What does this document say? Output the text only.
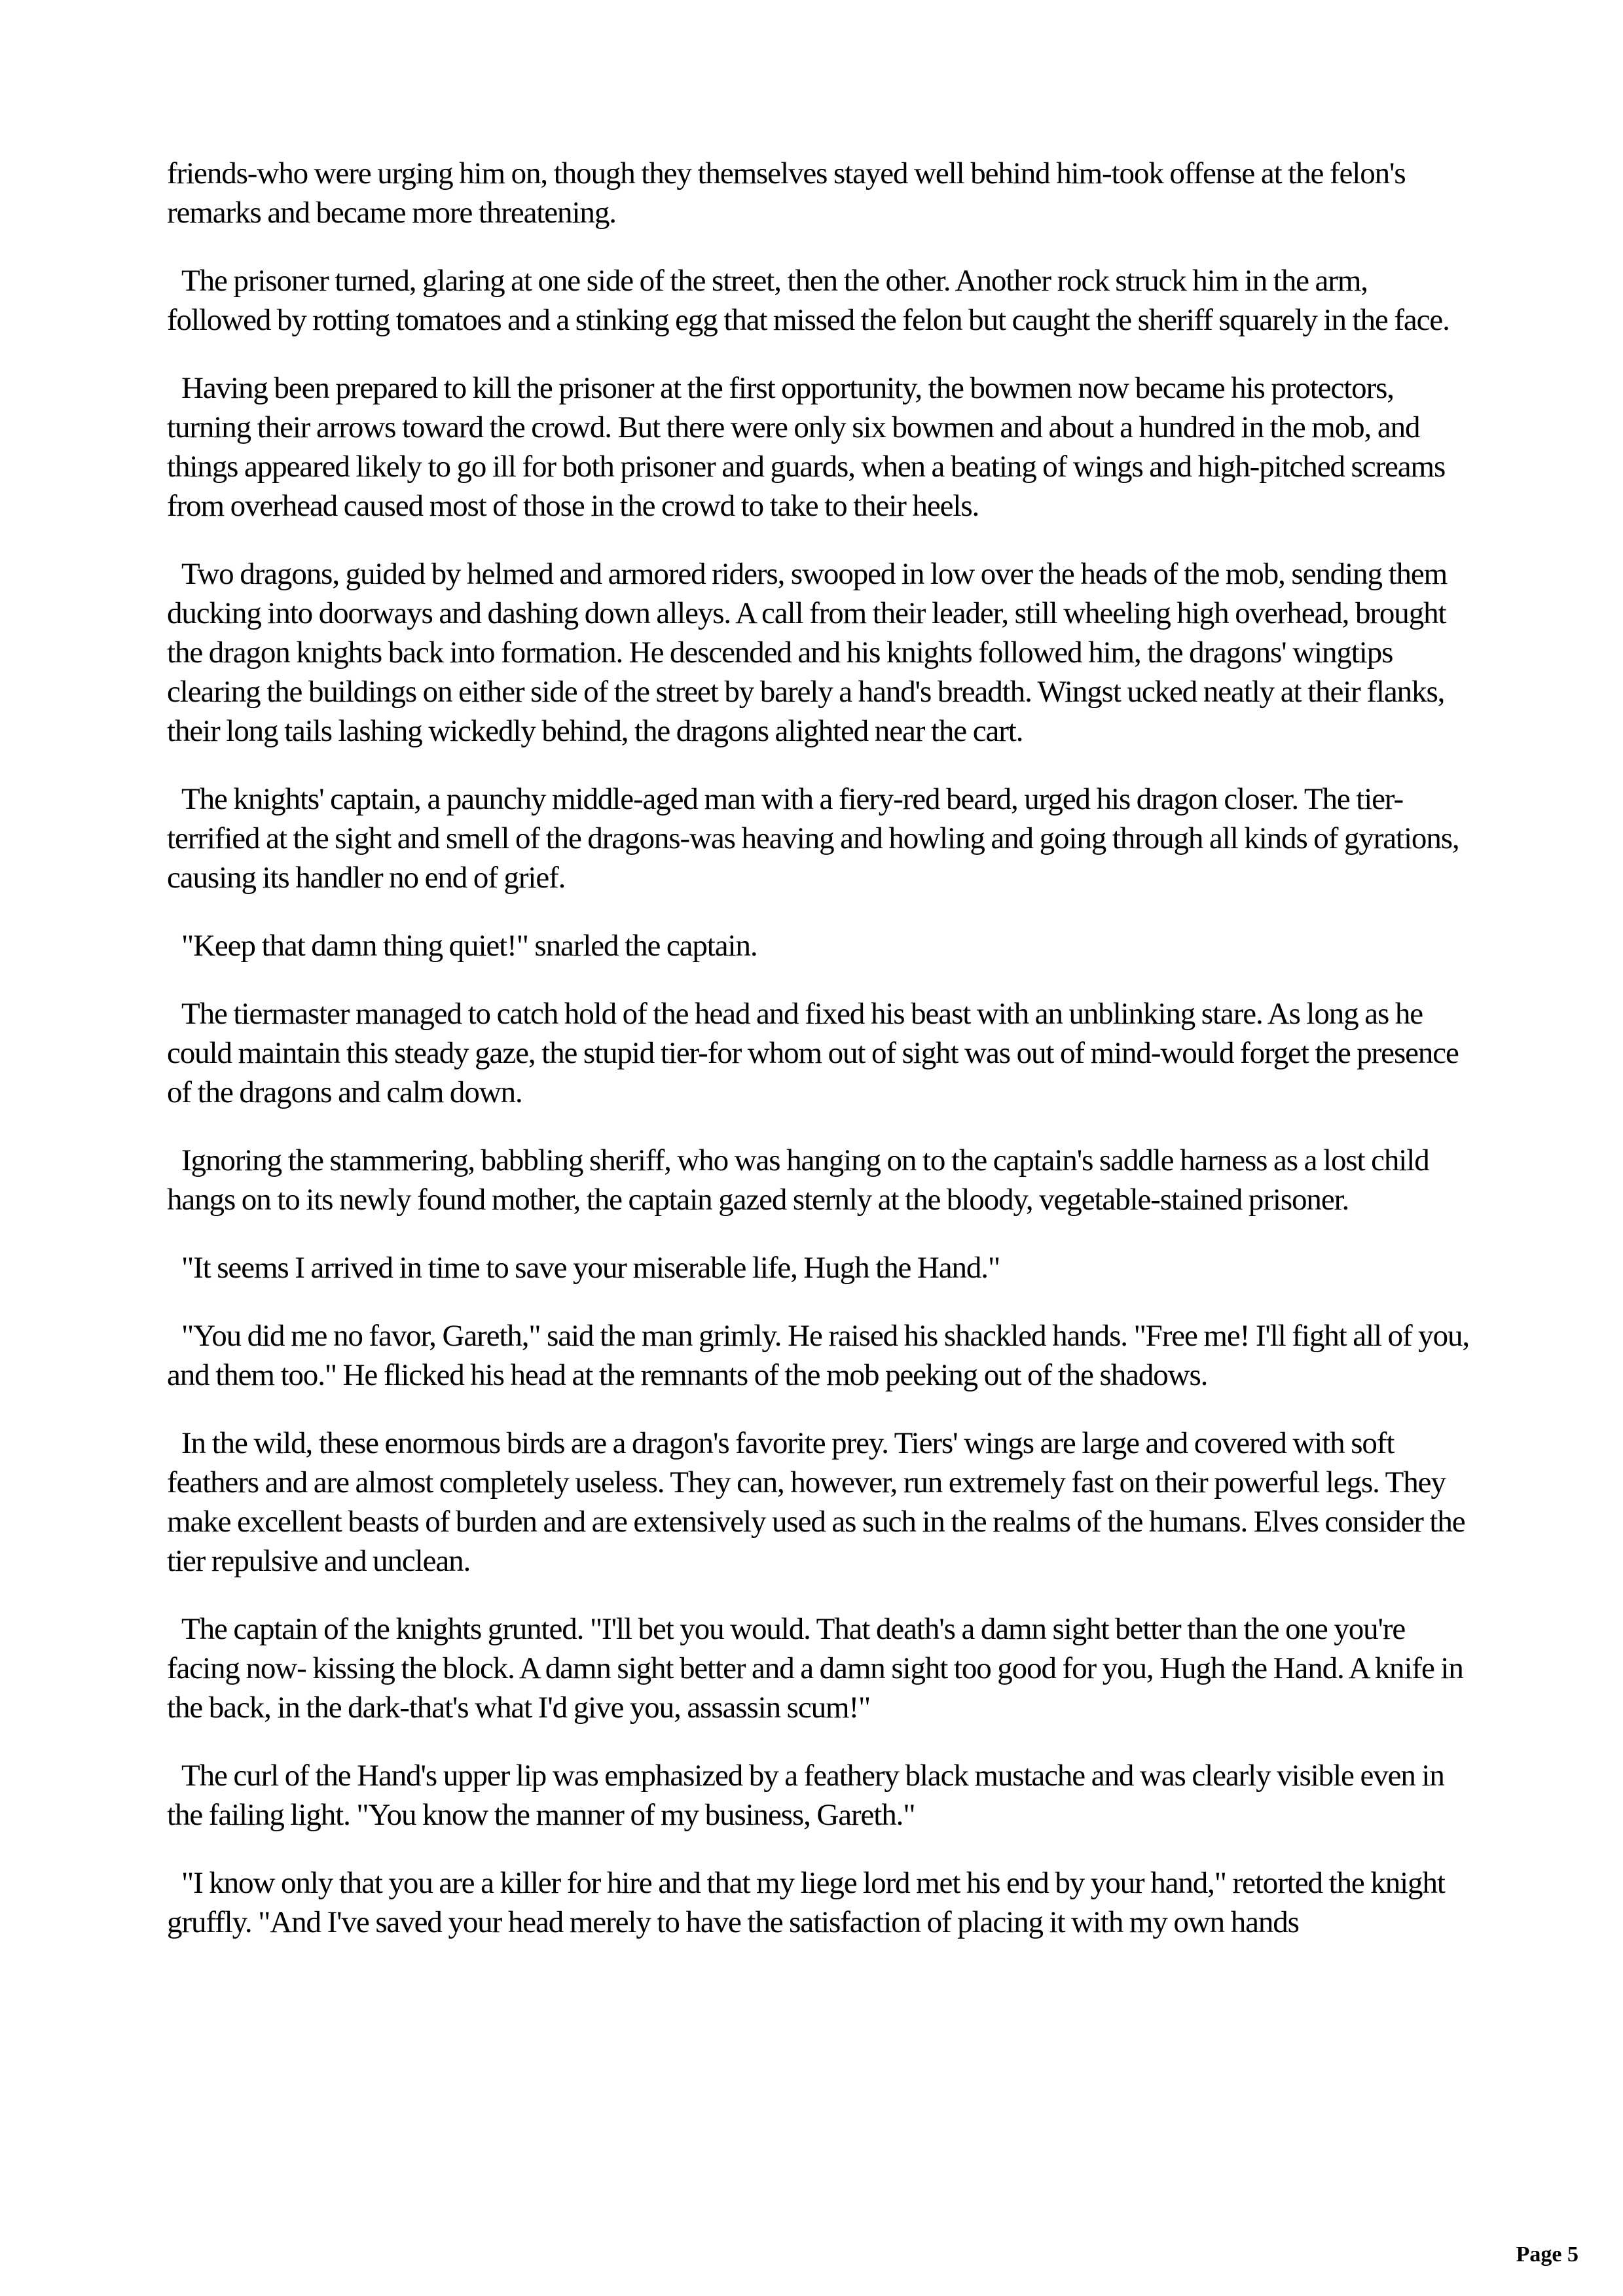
friends-who were urging him on, though they themselves stayed well behind him-took offense at the felon's remarks and became more threatening.

The prisoner turned, glaring at one side of the street, then the other. Another rock struck him in the arm, followed by rotting tomatoes and a stinking egg that missed the felon but caught the sheriff squarely in the face.

Having been prepared to kill the prisoner at the first opportunity, the bowmen now became his protectors, turning their arrows toward the crowd. But there were only six bowmen and about a hundred in the mob, and things appeared likely to go ill for both prisoner and guards, when a beating of wings and high-pitched screams from overhead caused most of those in the crowd to take to their heels.

Two dragons, guided by helmed and armored riders, swooped in low over the heads of the mob, sending them ducking into doorways and dashing down alleys. A call from their leader, still wheeling high overhead, brought the dragon knights back into formation. He descended and his knights followed him, the dragons' wingtips clearing the buildings on either side of the street by barely a hand's breadth. Wingst ucked neatly at their flanks, their long tails lashing wickedly behind, the dragons alighted near the cart.

The knights' captain, a paunchy middle-aged man with a fiery-red beard, urged his dragon closer. The tier-terrified at the sight and smell of the dragons-was heaving and howling and going through all kinds of gyrations, causing its handler no end of grief.

"Keep that damn thing quiet!" snarled the captain.

The tiermaster managed to catch hold of the head and fixed his beast with an unblinking stare. As long as he could maintain this steady gaze, the stupid tier-for whom out of sight was out of mind-would forget the presence of the dragons and calm down.

Ignoring the stammering, babbling sheriff, who was hanging on to the captain's saddle harness as a lost child hangs on to its newly found mother, the captain gazed sternly at the bloody, vegetable-stained prisoner.

"It seems I arrived in time to save your miserable life, Hugh the Hand."

"You did me no favor, Gareth," said the man grimly. He raised his shackled hands. "Free me! I'll fight all of you, and them too." He flicked his head at the remnants of the mob peeking out of the shadows.

In the wild, these enormous birds are a dragon's favorite prey. Tiers' wings are large and covered with soft feathers and are almost completely useless. They can, however, run extremely fast on their powerful legs. They make excellent beasts of burden and are extensively used as such in the realms of the humans. Elves consider the tier repulsive and unclean.

The captain of the knights grunted. "I'll bet you would. That death's a damn sight better than the one you're facing now- kissing the block. A damn sight better and a damn sight too good for you, Hugh the Hand. A knife in the back, in the dark-that's what I'd give you, assassin scum!"

The curl of the Hand's upper lip was emphasized by a feathery black mustache and was clearly visible even in the failing light. "You know the manner of my business, Gareth."

"I know only that you are a killer for hire and that my liege lord met his end by your hand," retorted the knight gruffly. "And I've saved your head merely to have the satisfaction of placing it with my own hands

Page 5
